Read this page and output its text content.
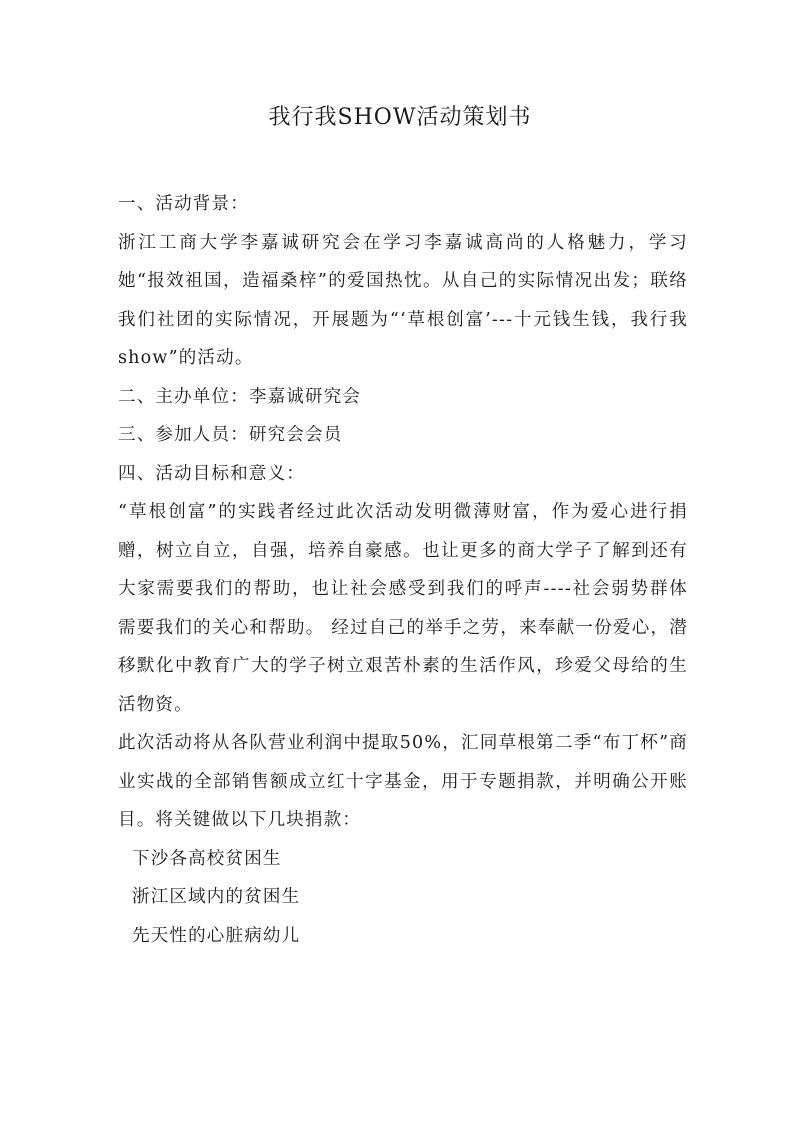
我行我SHOW活动策划书

一、活动背景：

浙江工商大学李嘉诚研究会在学习李嘉诚高尚的人格魅力，学习她“报效祖国，造福桑梓”的爱国热忱。从自己的实际情况出发；联络我们社团的实际情况，开展题为“‘草根创富’---十元钱生钱，我行我show”的活动。

二、主办单位：李嘉诚研究会

三、参加人员：研究会会员

四、活动目标和意义：

“草根创富”的实践者经过此次活动发明微薄财富，作为爱心进行捐赠，树立自立，自强，培养自豪感。也让更多的商大学子了解到还有大家需要我们的帮助，也让社会感受到我们的呼声----社会弱势群体需要我们的关心和帮助。 经过自己的举手之劳，来奉献一份爱心，潜移默化中教育广大的学子树立艰苦朴素的生活作风，珍爱父母给的生活物资。

此次活动将从各队营业利润中提取50%，汇同草根第二季“布丁杯”商业实战的全部销售额成立红十字基金，用于专题捐款，并明确公开账目。将关键做以下几块捐款：

下沙各高校贫困生

浙江区域内的贫困生

先天性的心脏病幼儿
